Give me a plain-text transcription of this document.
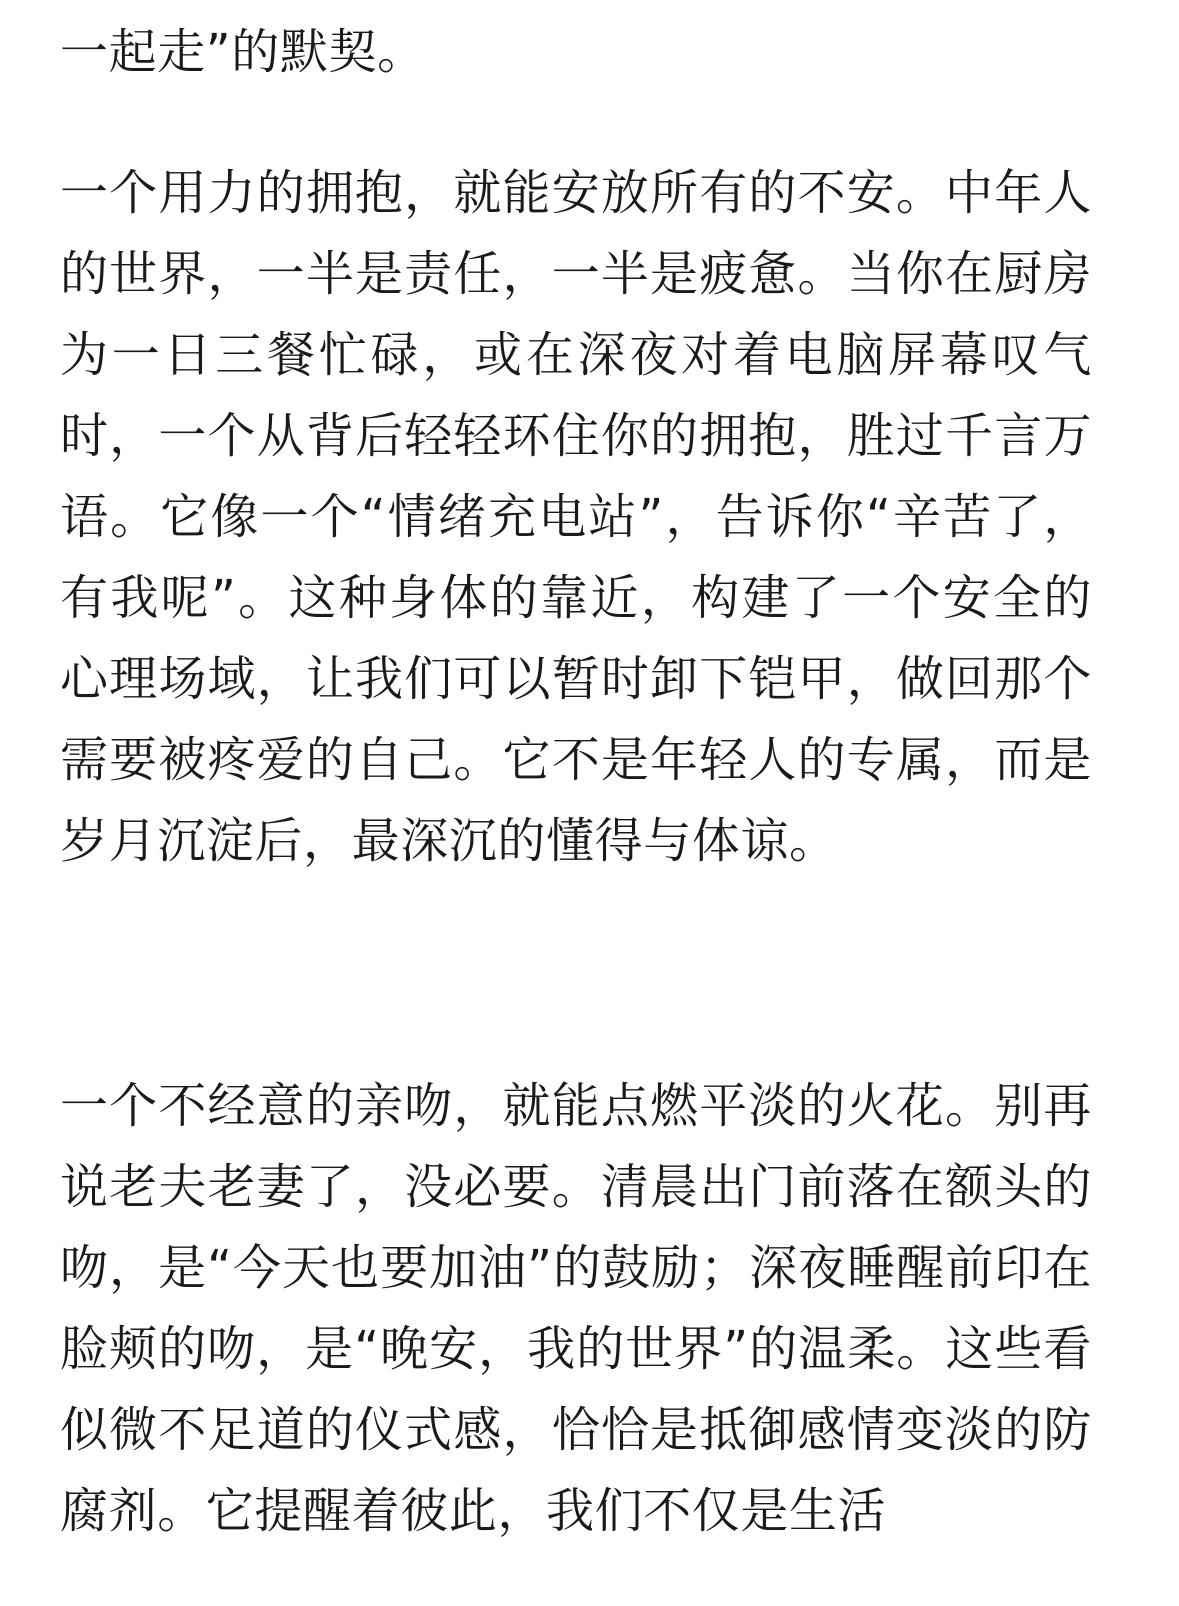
一起走”的默契。

一个用力的拥抱，就能安放所有的不安。中年人的世界，一半是责任，一半是疲惫。当你在厨房为一日三餐忙碌，或在深夜对着电脑屏幕叹气时，一个从背后轻轻环住你的拥抱，胜过千言万语。它像一个“情绪充电站”，告诉你“辛苦了，有我呢”。这种身体的靠近，构建了一个安全的心理场域，让我们可以暂时卸下铠甲，做回那个需要被疼爱的自己。它不是年轻人的专属，而是岁月沉淀后，最深沉的懂得与体谅。

一个不经意的亲吻，就能点燃平淡的火花。别再说老夫老妻了，没必要。清晨出门前落在额头的吻，是“今天也要加油”的鼓励；深夜睡醒前印在脸颊的吻，是“晚安，我的世界”的温柔。这些看似微不足道的仪式感，恰恰是抵御感情变淡的防腐剂。它提醒着彼此，我们不仅是生活
